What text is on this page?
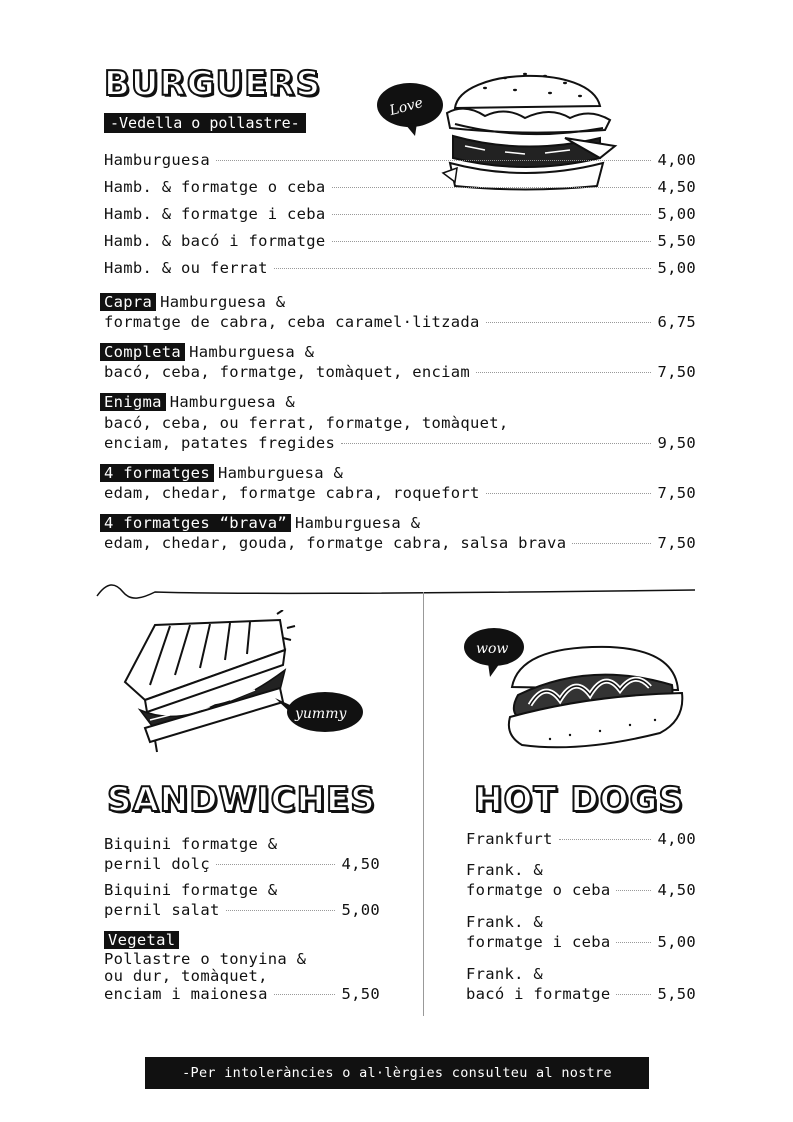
BURGUERS
-Vedella o pollastre-
Love
Hamburguesa	4,00
Hamb. & formatge o ceba	4,50
Hamb. & formatge i ceba	5,00
Hamb. & bacó i formatge	5,50
Hamb. & ou ferrat	5,00
Capra Hamburguesa &
formatge de cabra, ceba caramel·litzada	6,75
Completa Hamburguesa &
bacó, ceba, formatge, tomàquet, enciam	7,50
Enigma Hamburguesa &
bacó, ceba, ou ferrat, formatge, tomàquet,
enciam, patates fregides	9,50
4 formatges Hamburguesa &
edam, chedar, formatge cabra, roquefort	7,50
4 formatges “brava” Hamburguesa &
edam, chedar, gouda, formatge cabra, salsa brava	7,50
yummy
SANDWICHES
Biquini formatge &
pernil dolç	4,50
Biquini formatge &
pernil salat	5,00
Vegetal
Pollastre o tonyina &
ou dur, tomàquet,
enciam i maionesa	5,50
wow
HOT DOGS
Frankfurt	4,00
Frank. &
formatge o ceba	4,50
Frank. &
formatge i ceba	5,00
Frank. &
bacó i formatge	5,50
-Per intoleràncies o al·lèrgies consulteu al nostre personal-
